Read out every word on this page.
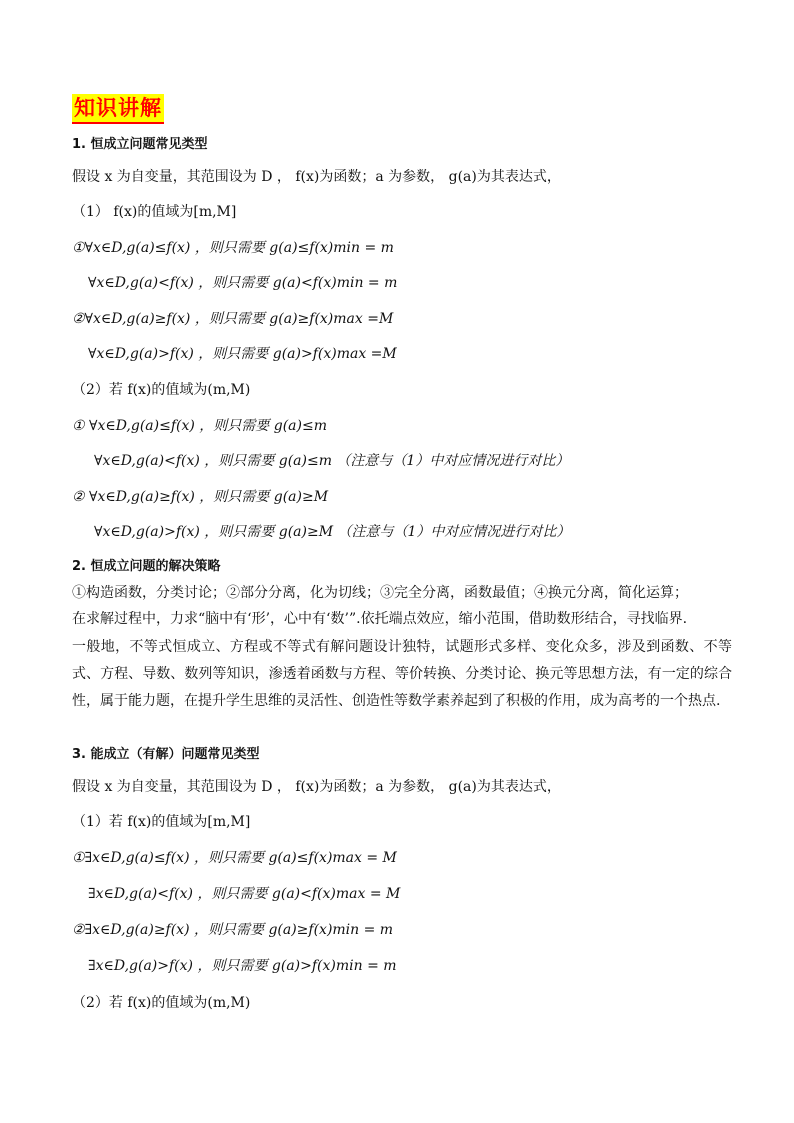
知识讲解
1. 恒成立问题常见类型
假设 x 为自变量，其范围设为 D ， f(x)为函数；a 为参数， g(a)为其表达式，
（1） f(x)的值域为[m,M]
①∀x∈D,g(a)≤f(x) ，则只需要 g(a)≤f(x)min = m
∀x∈D,g(a)<f(x) ，则只需要 g(a)<f(x)min = m
②∀x∈D,g(a)≥f(x) ，则只需要 g(a)≥f(x)max =M
∀x∈D,g(a)>f(x) ，则只需要 g(a)>f(x)max =M
（2）若 f(x)的值域为(m,M)
① ∀x∈D,g(a)≤f(x) ，则只需要 g(a)≤m
∀x∈D,g(a)<f(x) ，则只需要 g(a)≤m （注意与（1）中对应情况进行对比）
② ∀x∈D,g(a)≥f(x) ，则只需要 g(a)≥M
∀x∈D,g(a)>f(x) ，则只需要 g(a)≥M （注意与（1）中对应情况进行对比）
2. 恒成立问题的解决策略
①构造函数，分类讨论；②部分分离，化为切线；③完全分离，函数最值；④换元分离，简化运算；
在求解过程中，力求“脑中有‘形’，心中有‘数’”.依托端点效应，缩小范围，借助数形结合，寻找临界.
3. 能成立（有解）问题常见类型
假设 x 为自变量，其范围设为 D ， f(x)为函数；a 为参数， g(a)为其表达式，
（1）若 f(x)的值域为[m,M]
①∃x∈D,g(a)≤f(x) ，则只需要 g(a)≤f(x)max = M
∃x∈D,g(a)<f(x) ，则只需要 g(a)<f(x)max = M
②∃x∈D,g(a)≥f(x) ，则只需要 g(a)≥f(x)min = m
∃x∈D,g(a)>f(x) ，则只需要 g(a)>f(x)min = m
（2）若 f(x)的值域为(m,M)
一般地，不等式恒成立、方程或不等式有解问题设计独特，试题形式多样、变化众多，涉及到函数、不等式、方程、导数、数列等知识，渗透着函数与方程、等价转换、分类讨论、换元等思想方法，有一定的综合性，属于能力题，在提升学生思维的灵活性、创造性等数学素养起到了积极的作用，成为高考的一个热点.
